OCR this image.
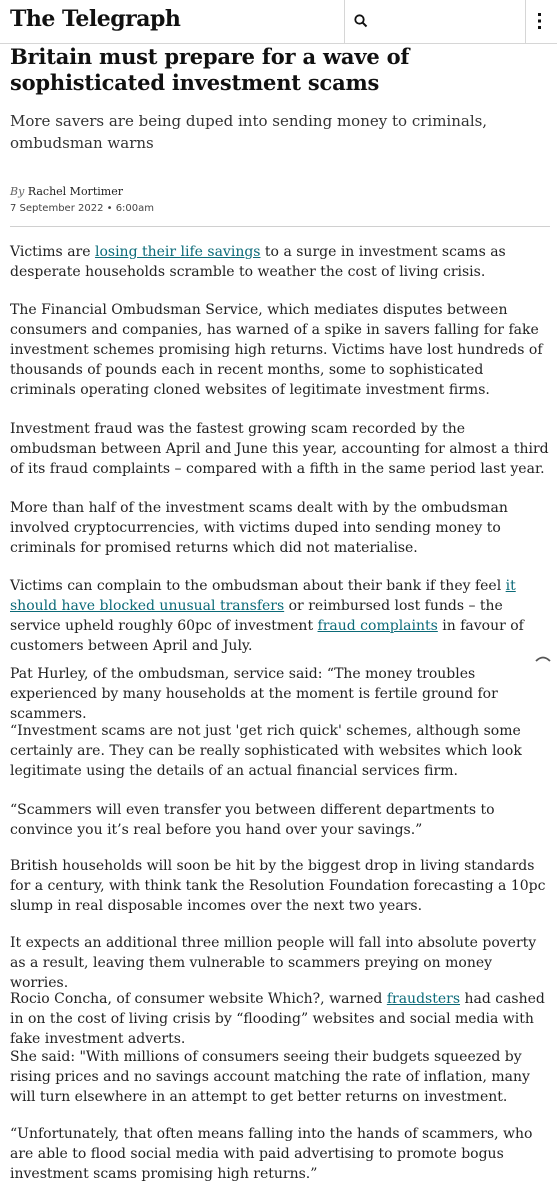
The Telegraph
Britain must prepare for a wave of sophisticated investment scams

More savers are being duped into sending money to criminals, ombudsman warns

By Rachel Mortimer
7 September 2022 • 6:00am

Victims are losing their life savings to a surge in investment scams as desperate households scramble to weather the cost of living crisis.

The Financial Ombudsman Service, which mediates disputes between consumers and companies, has warned of a spike in savers falling for fake investment schemes promising high returns. Victims have lost hundreds of thousands of pounds each in recent months, some to sophisticated criminals operating cloned websites of legitimate investment firms.

Investment fraud was the fastest growing scam recorded by the ombudsman between April and June this year, accounting for almost a third of its fraud complaints – compared with a fifth in the same period last year.

More than half of the investment scams dealt with by the ombudsman involved cryptocurrencies, with victims duped into sending money to criminals for promised returns which did not materialise.

Victims can complain to the ombudsman about their bank if they feel it should have blocked unusual transfers or reimbursed lost funds – the service upheld roughly 60pc of investment fraud complaints in favour of customers between April and July.

Pat Hurley, of the ombudsman, service said: “The money troubles experienced by many households at the moment is fertile ground for scammers.

“Investment scams are not just 'get rich quick' schemes, although some certainly are. They can be really sophisticated with websites which look legitimate using the details of an actual financial services firm.

“Scammers will even transfer you between different departments to convince you it’s real before you hand over your savings.”

British households will soon be hit by the biggest drop in living standards for a century, with think tank the Resolution Foundation forecasting a 10pc slump in real disposable incomes over the next two years.

It expects an additional three million people will fall into absolute poverty as a result, leaving them vulnerable to scammers preying on money worries.

Rocio Concha, of consumer website Which?, warned fraudsters had cashed in on the cost of living crisis by “flooding” websites and social media with fake investment adverts.

She said: "With millions of consumers seeing their budgets squeezed by rising prices and no savings account matching the rate of inflation, many will turn elsewhere in an attempt to get better returns on investment.

“Unfortunately, that often means falling into the hands of scammers, who are able to flood social media with paid advertising to promote bogus investment scams promising high returns.”
